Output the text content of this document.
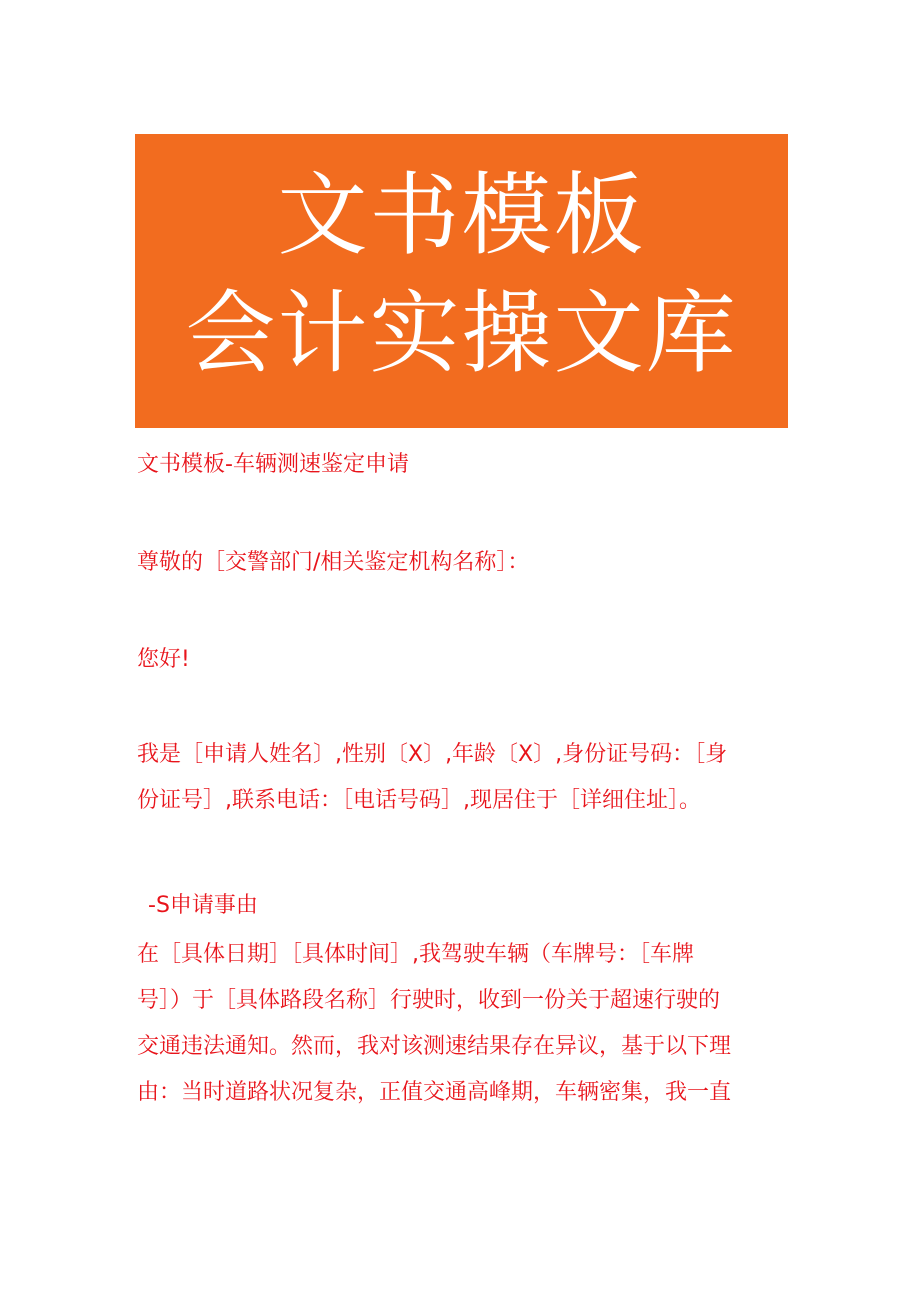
文书模板
会计实操文库
文书模板-车辆测速鉴定申请
尊敬的［交警部门/相关鉴定机构名称］：
您好!
我是［申请人姓名〕,性别〔X〕,年龄〔X〕,身份证号码：［身
份证号］,联系电话：［电话号码］,现居住于［详细住址］。
-S申请事由
在［具体日期］［具体时间］,我驾驶车辆（车牌号：［车牌
号］）于［具体路段名称］行驶时，收到一份关于超速行驶的
交通违法通知。然而，我对该测速结果存在异议，基于以下理
由：当时道路状况复杂，正值交通高峰期，车辆密集，我一直
